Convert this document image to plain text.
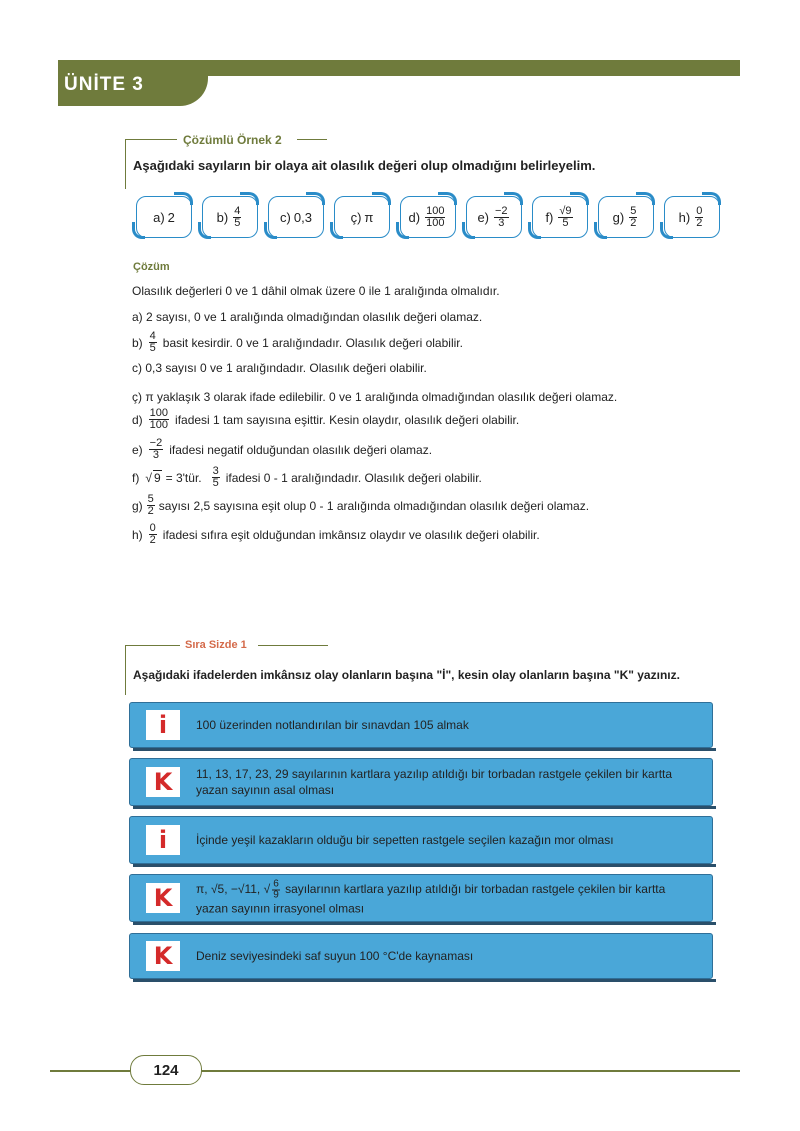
ÜNİTE 3
Çözümlü Örnek 2
Aşağıdaki sayıların bir olaya ait olasılık değeri olup olmadığını belirleyelim.
a) 2	$b) \frac{4}{5}$	c) 0,3	ç) π	$d) \frac{100}{100} e) \frac{-2}{3}$	$f) \frac{√9}{5}$	$g) \frac{5}{2}$	$h) \frac{0}{2}$
Çözüm
Olasılık değerleri 0 ve 1 dâhil olmak üzere 0 ile 1 aralığında olmalıdır.
a) 2 sayısı, 0 ve 1 aralığında olmadığından olasılık değeri olamaz.
$b) \frac{4}{5}$ basit kesirdir. 0 ve 1 aralığındadır. Olasılık değeri olabilir.
c) 0,3 sayısı 0 ve 1 aralığındadır. Olasılık değeri olabilir.
ç) π yaklaşık 3 olarak ifade edilebilir. 0 ve 1 aralığında olmadığından olasılık değeri olamaz.
$d) \frac{100}{100}$ ifadesi 1 tam sayısına eşittir. Kesin olaydır, olasılık değeri olabilir.
$e) \frac{-2}{3}$ ifadesi negatif olduğundan olasılık değeri olamaz.
f) √ 9 = 3'tür. $\frac{3}{5}$ ifadesi 0 - 1 aralığındadır. Olasılık değeri olabilir.
$g) \frac{5}{2}$ sayısı 2,5 sayısına eşit olup 0 - 1 aralığında olmadığından olasılık değeri olamaz.
$h) \frac{0}{2}$ ifadesi sıfıra eşit olduğundan imkânsız olaydır ve olasılık değeri olabilir.
Sıra Sizde 1
Aşağıdaki ifadelerden imkânsız olay olanların başına "İ", kesin olay olanların başına "K" yazınız.
i	100 üzerinden notlandırılan bir sınavdan 105 almak
K	11, 13, 17, 23, 29 sayılarının kartlara yazılıp atıldığı bir torbadan rastgele çekilen bir kartta yazan sayının asal olması
i	İçinde yeşil kazakların olduğu bir sepetten rastgele seçilen kazağın mor olması
K	π, √5, −√11, √ $\frac{6}{9}$ sayılarının kartlara yazılıp atıldığı bir torbadan rastgele çekilen bir kartta yazan sayının irrasyonel olması
K	Deniz seviyesindeki saf suyun 100 °C'de kaynaması
124
